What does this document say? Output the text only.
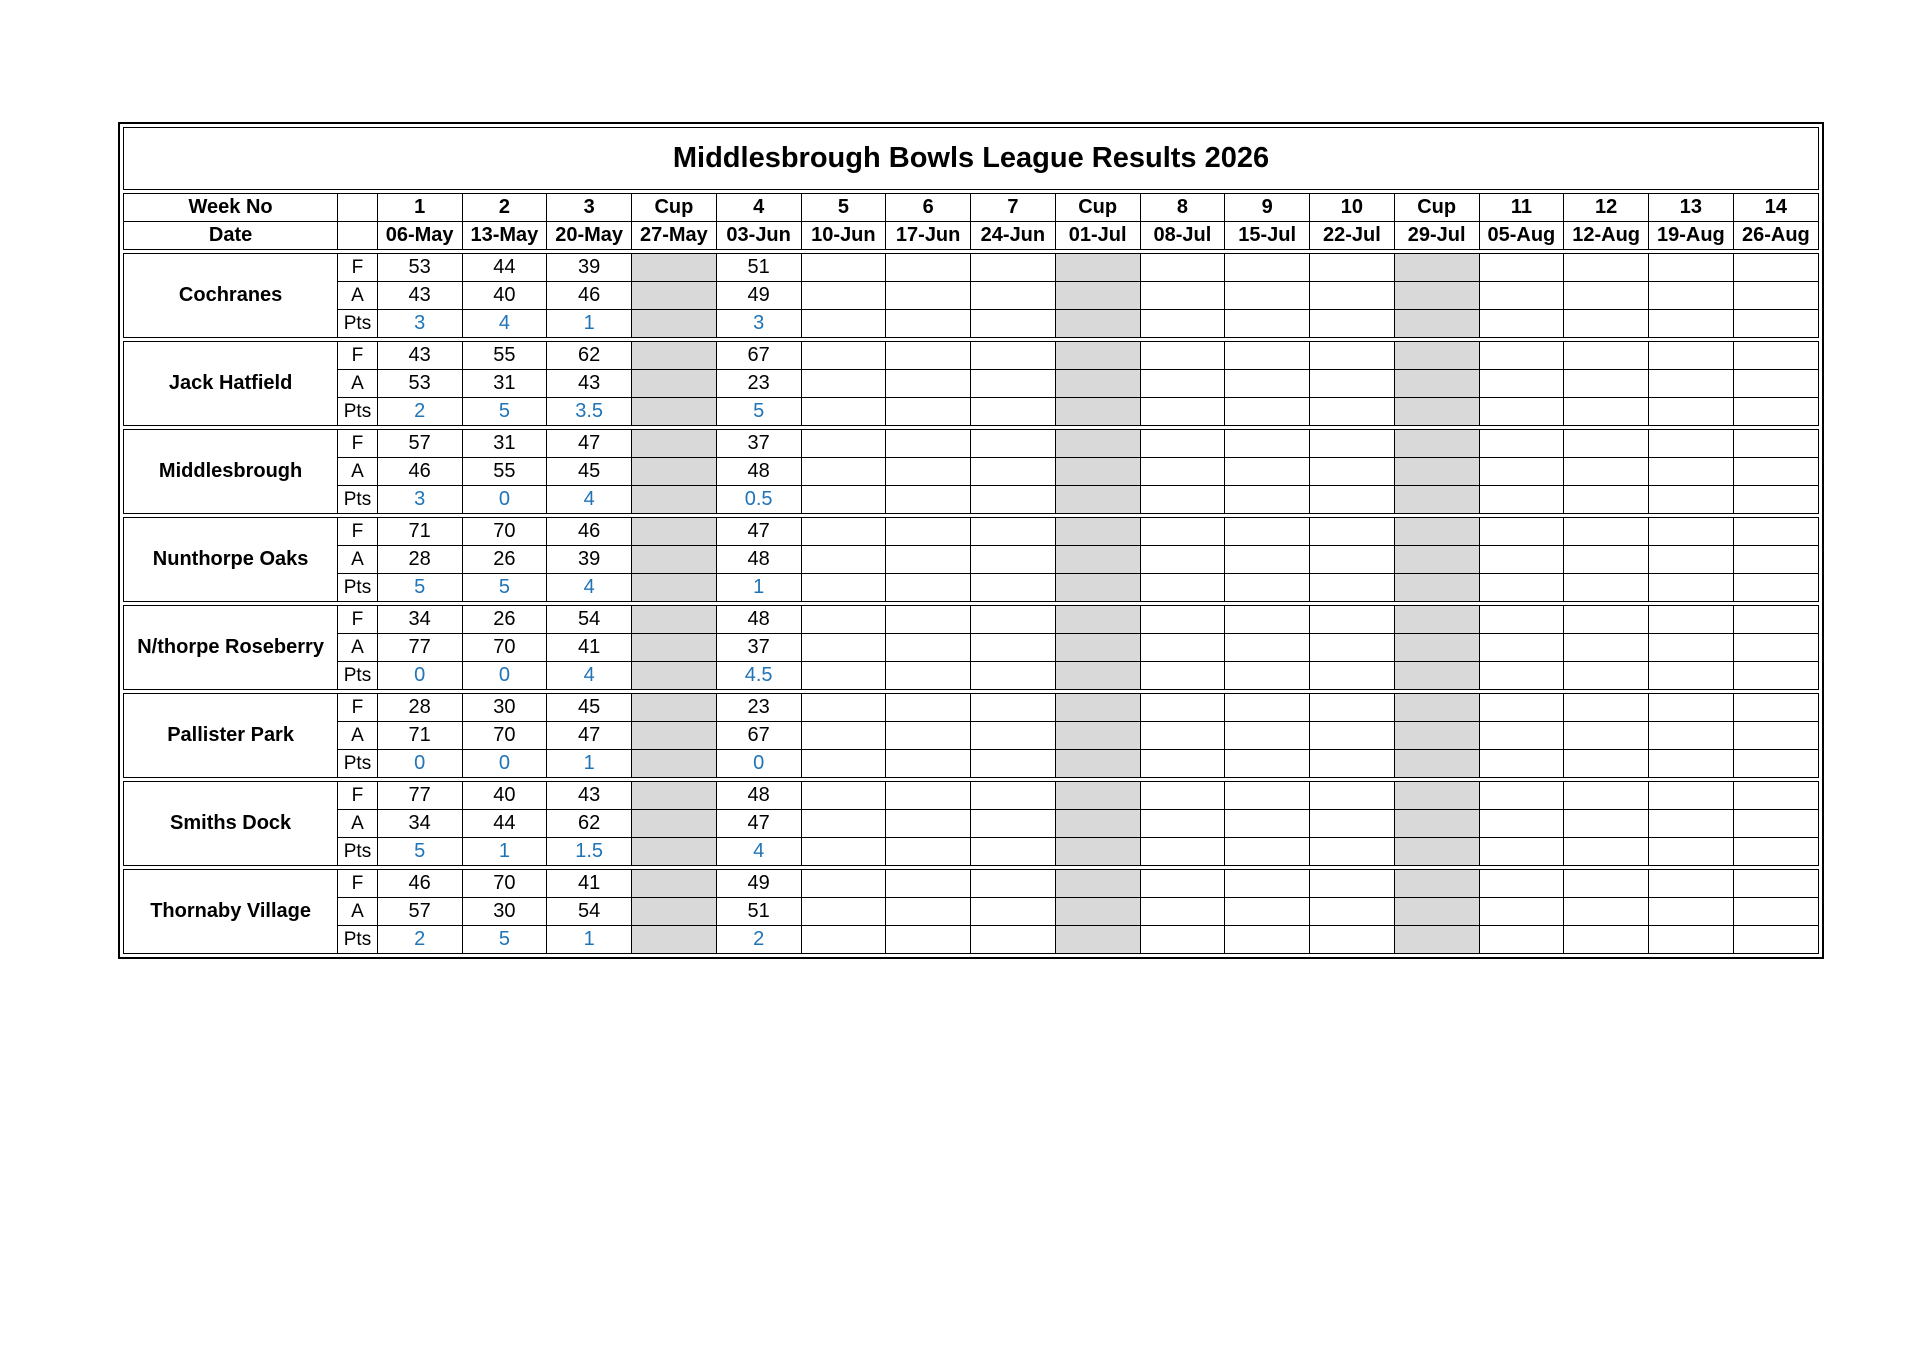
Middlesbrough Bowls League Results 2026																		

Week No		1	2	3	Cup	4	5	6	7	Cup	8	9	10	Cup	11	12	13	14
Date		06-May	13-May	20-May	27-May	03-Jun	10-Jun	17-Jun	24-Jun	01-Jul	08-Jul	15-Jul	22-Jul	29-Jul	05-Aug	12-Aug	19-Aug	26-Aug

Cochranes	F	53	44	39		51												
	A	43	40	46		49												
	Pts	3	4	1		3												

Jack Hatfield	F	43	55	62		67												
	A	53	31	43		23												
	Pts	2	5	3.5		5												

Middlesbrough	F	57	31	47		37												
	A	46	55	45		48												
	Pts	3	0	4		0.5												

Nunthorpe Oaks	F	71	70	46		47												
	A	28	26	39		48												
	Pts	5	5	4		1												

N/thorpe Roseberry	F	34	26	54		48												
	A	77	70	41		37												
	Pts	0	0	4		4.5												

Pallister Park	F	28	30	45		23												
	A	71	70	47		67												
	Pts	0	0	1		0												

Smiths Dock	F	77	40	43		48												
	A	34	44	62		47												
	Pts	5	1	1.5		4												

Thornaby Village	F	46	70	41		49												
	A	57	30	54		51												
	Pts	2	5	1		2												
